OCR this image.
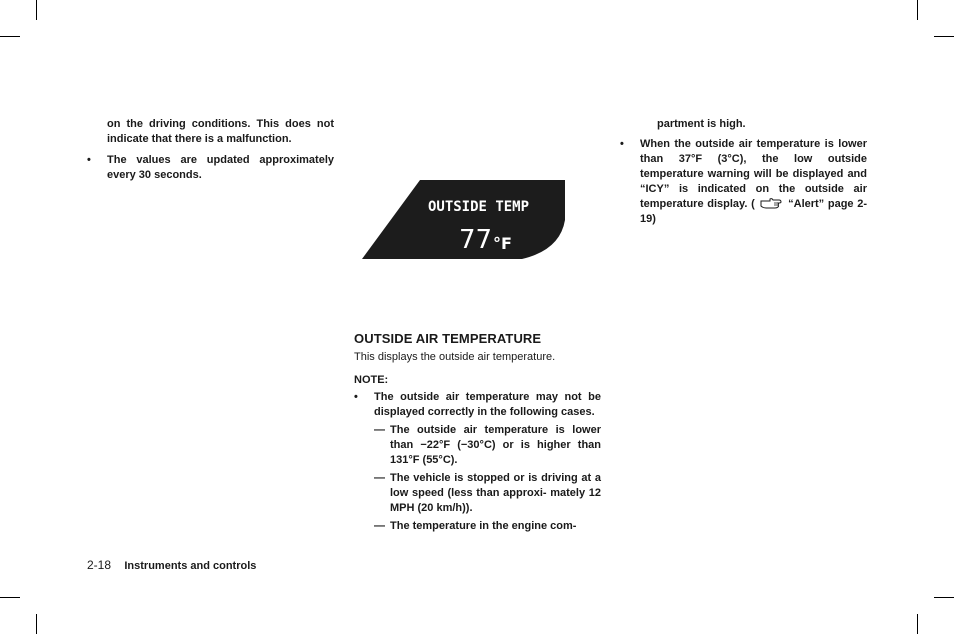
on the driving conditions. This does not indicate that there is a malfunction.

• The values are updated approximately every 30 seconds.

OUTSIDE TEMP
77 °F

OUTSIDE AIR TEMPERATURE

This displays the outside air temperature.

NOTE:

• The outside air temperature may not be displayed correctly in the following cases.

— The outside air temperature is lower than −22°F (−30°C) or is higher than 131°F (55°C).

— The vehicle is stopped or is driving at a low speed (less than approxi- mately 12 MPH (20 km/h)).

— The temperature in the engine com-

partment is high.

• When the outside air temperature is lower than 37°F (3°C), the low outside temperature warning will be displayed and “ICY” is indicated on the outside air temperature display. (	“Alert” page 2-19)

2-18 Instruments and controls
